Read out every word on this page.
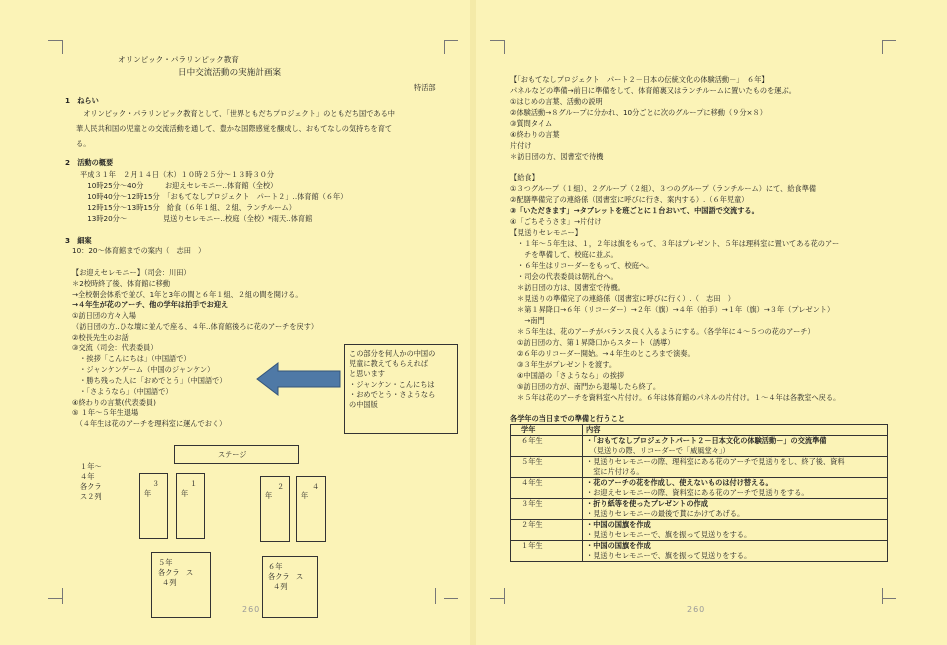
オリンピック・パラリンピック教育
日中交流活動の実施計画案
特活部
1　ねらい
　オリンピック・パラリンピック教育として、「世界ともだちプロジェクト」のともだち国である中
華人民共和国の児童との交流活動を通して、豊かな国際感覚を醸成し、おもてなしの気持ちを育て
る。
2　活動の概要
平成３１年　２月１４日（木）１０時２５分～１３時３０分
　10時25分～40分　　　お迎えセレモニー..体育館（全校）
　10時40分～12時15分　「おもてなしプロジェクト　パート２」..体育館（６年）
　12時15分～13時15分　給食（６年１組、２組、ランチルーム）
　13時20分～　　　　　見送りセレモニー..校庭（全校）*雨天..体育館
3　細案
10：20～体育館までの案内（　志田　）
【お迎えセレモニー】（司会：川田）
＊2校時終了後、体育館に移動
→全校朝会体系で並び、1年と3年の間と６年１組、２組の間を開ける。
→４年生が花のアーチ、他の学年は拍手でお迎え
①訪日団の方々入場
（訪日団の方..ひな壇に並んで座る、４年..体育館後ろに花のアーチを戻す）
②校長先生のお話
③交流（司会：代表委員）
　・挨拶「こんにちは」（中国語で）
　・ジャンケンゲーム（中国のジャンケン）
　・勝ち残った人に「おめでとう」（中国語で）
　・「さようなら」（中国語で）
④終わりの言葉(代表委員)
⑤ １年～５年生退場
　（４年生は花のアーチを理科室に運んでおく）
この部分を何人かの中国の
児童に教えてもらえれば
と思います
・ジャンケン・こんにちは
・おめでとう・さようなら
の中国版
ステージ
１年～
４年
各クラ
ス２列
３
年
１
年
２
年
４
年
５年
各クラ ス
４列
６年
各クラ ス
４列
260
【「おもてなしプロジェクト　パート２－日本の伝統文化の体験活動－」　６年】
パネルなどの準備→前日に準備をして、体育館裏又はランチルームに置いたものを運ぶ。
①はじめの言葉、活動の説明
②体験活動→８グループに分かれ、10分ごとに次のグループに移動（９分×８）
③質問タイム
④終わりの言葉
片付け
＊訪日団の方、図書室で待機
【給食】
①３つグループ（１組）、２グループ（２組）、３つのグループ（ランチルーム）にて、給食準備
②配膳準備完了の連絡係（図書室に呼びに行き、案内する）.（６年児童）
③「いただきます」→タブレットを班ごとに１台おいて、中国語で交流する。
④「ごちそうさま」→片付け
【見送りセレモニー】
・１年～５年生は、１，２年は旗をもって、３年はプレゼント、５年は理科室に置いてある花のアー
　チを準備して、校庭に並ぶ。
・６年生はリコーダーをもって、校庭へ。
・司会の代表委員は朝礼台へ。
＊訪日団の方は、図書室で待機。
＊見送りの準備完了の連絡係（図書室に呼びに行く）.（　志田　）
＊第１昇降口→６年（リコーダー）→２年（旗）→４年（拍手）→１年（旗）→３年（プレゼント）
　→南門
＊５年生は、花のアーチがバランス良く入るようにする。（各学年に４～５つの花のアーチ）
①訪日団の方、第１昇降口からスタート（誘導）
②６年のリコーダー開始。→４年生のところまで演奏。
③３年生がプレゼントを渡す。
④中国語の「さようなら」の挨拶
⑤訪日団の方が、南門から退場したら終了。
＊５年は花のアーチを資料室へ片付け。６年は体育館のパネルの片付け。１～４年は各教室へ戻る。
各学年の当日までの準備と行うこと
学年	内容
６年生	・「おもてなしプロジェクトパート２－日本文化の体験活動－」の交流準備
　（見送りの際、リコーダーで「威風堂々」）

５年生	・見送りセレモニーの際、理科室にある花のアーチで見送りをし、終了後、資料
　室に片付ける。

４年生	・花のアーチの花を作成し、使えないものは付け替える。
・お迎えセレモニーの際、資料室にある花のアーチで見送りをする。

３年生	・折り紙等を使ったプレゼントの作成
・見送りセレモニーの最後で貰にかけてあげる。

２年生	・中国の国旗を作成
・見送りセレモニーで、旗を振って見送りをする。

１年生	・中国の国旗を作成
・見送りセレモニーで、旗を振って見送りをする。
260
